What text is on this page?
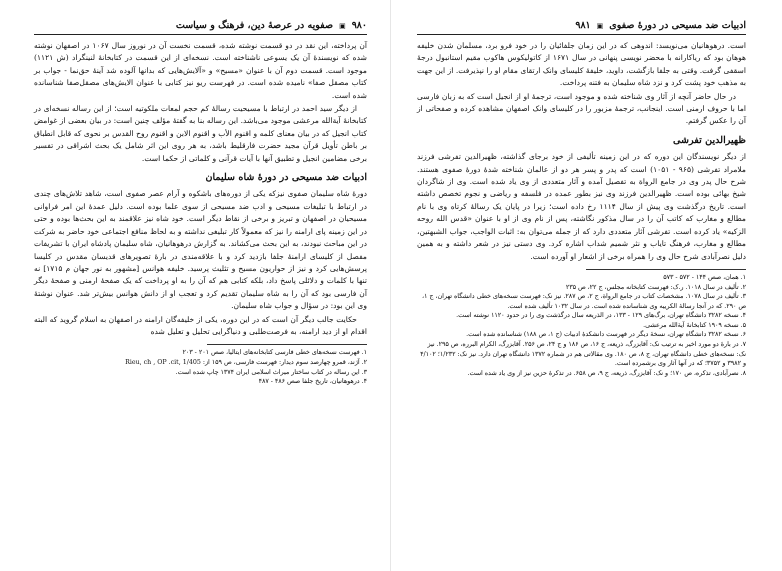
۹۸۰
▣
صفویه در عرصهٔ دین، فرهنگ و سیاست

آن پرداخته، این نقد در دو قسمت نوشته شده، قسمت نخست آن در نوروز سال ۱۰۶۷ در اصفهان نوشته شده که نویسندهٔ آن یک یسوعی ناشناخته است. نسخه‌ای از این قسمت در کتابخانهٔ لنینگراد (ش ۱۱۲۱) موجود است. قسمت دوم آن با عنوان «مسیح» و «آلایش‌هایی که بدانها آلوده شد آینهٔ حق‌نما - جواب بر کتاب مصقل صفا» نامیده شده است. در فهرست ریو نیز کتابی با عنوان الایش‌های مصقل‌صفا شناسانده شده است.

از دیگر سید احمد در ارتباط با مسیحیت رسالهٔ کم حجم لمعات ملکوتیه است؛ از این رساله نسخه‌ای در کتابخانهٔ آیةالله مرعشی موجود می‌باشد. این رساله بنا به گفتهٔ مؤلف چنین است: در بیان بعضی از غوامض کتاب انجیل که در بیان معنای کلمه و اقنوم الأب و اقنوم الابن و اقنوم روح القدس بر نحوی که قابل انطباق بر باطن تأویل قرآن مجید حضرت فارقلیط باشد، به هر روی این اثر شامل یک بحث اشراقی در تفسیر برخی مضامین انجیل و تطبیق آنها با آیات قرآنی و کلماتی از حکما است.

ادبیات ضد مسیحی در دورهٔ شاه سلیمان

دورهٔ شاه سلیمان صفوی نیزکه یکی از دوره‌های باشکوه و آرام عصر صفوی است، شاهد تلاش‌های چندی در ارتباط با تبلیغات مسیحی و ادب ضد مسیحی از سوی علما بوده است. دلیل عمدهٔ این امر فراوانی مسیحیان در اصفهان و تبریز و برخی از نقاط دیگر است. خود شاه نیز علاقمند به این بحث‌ها بوده و حتی در این زمینه پای ارامنه را نیز که معمولاً کار تبلیغی نداشته و به لحاظ منافع اجتماعی خود حاضر به شرکت در این مباحث نبودند، به این بحث می‌کشاند. به گزارش درهوهانیان، شاه سلیمان پادشاه ایران با تشریفات مفصل از کلیسای ارامنهٔ جلفا بازدید کرد و با علاقه‌مندی در بارهٔ تصویرهای قدیسان مقدس در کلیسا پرسش‌هایی کرد و نیز از حواریون مسیح و تثلیث پرسید. خلیفه هوانس [مشهور به نور جهان م ۱۷۱۵] نه تنها با کلمات و دلائلی پاسخ داد، بلکه کتابی هم که آن را به او پرداخت که یک صفحهٔ ارمنی و صفحهٔ دیگر آن فارسی بود که آن را به شاه سلیمان تقدیم کرد و تعجب او از دانش هوانس بیش‌تر شد. عنوان نوشتهٔ وی این بود: در سؤال و جواب شاه سلیمان.

حکایت جالب دیگر آن است که در این دوره، یکی از خلیفه‌گان ارامنه در اصفهان به اسلام گروید که البته اقدام او از دید ارامنه، به فرصت‌طلبی و دنیاگرایی تحلیل و تعلیل شده

۱. فهرست نسخه‌های خطی فارسی کتابخانه‌های ایتالیا، صص ۲۰۱ - ۲۰۳
۲. آژند، قمرو چهارصد سوم دیدار: فهرست فارسی، ص ۱۵۹ از: Rieu, ch , OP .cit, 1/405
۳. این رساله در کتاب ساختار میراث اسلامی ایران ۱۳۷۴ چاپ شده است.
۴. درهوهانیان، تاریخ جلفا صص ۴۸۶ - ۴۸۷
ادبیات ضد مسیحی در دورهٔ صفوی
▣
۹۸۱

است. درهوهانیان می‌نویسد: اندوهی که در این زمان جلفائیان را در خود فرو برد، مسلمان شدن خلیفه هوهان بود که ریاکارانه با محضر نویسی پنهانی در سال ۱۶۷۱ از کاتولیکوس هاکوب مقیم استانبول درجهٔ اسقفی گرفت. وقتی به جلفا بازگشت، داوید، خلیفهٔ کلیسای وانک ارتقای مقام او را نپذیرفت. از این جهت به مذهب خود پشت کرد و نزد شاه سلیمان به فتنه پرداخت.

در حال حاضر آنچه از آثار وی شناخته شده و موجود است، ترجمهٔ او از انجیل است که به زبان فارسی اما با حروف ارمنی است. اینجانب، ترجمهٔ مزبور را در کلیسای وانک اصفهان مشاهده کرده و صفحاتی از آن را عکس گرفتم.

ظهیرالدین تفرشی

از دیگر نویسندگان این دوره که در این زمینه تألیفی از خود برجای گذاشته، ظهیرالدین تفرشی فرزند ملامراد تفرشی (۹۶۵ - ۱۰۵۱) است که پدر و پسر هر دو از عالمان شناخته شدهٔ دورهٔ صفوی هستند. شرح حال پدر وی در جامع الرواة به تفصیل آمده و آثار متعددی از وی یاد شده است. وی از شاگردان شیخ بهائی بوده است. ظهیرالدین فرزند وی نیز بطور عمده در فلسفه و ریاضی و نجوم تخصص داشته است. تاریخ درگذشت وی پیش از سال ۱۱۱۴ رخ داده است؛ زیرا در پایان یک رسالهٔ کرتاه وی با نام مطالع و مغارب که کاتب آن را در سال مذکور نگاشته، پس از نام وی از او با عنوان «قدس الله روحه الزکیه» یاد کرده است. تفرشی آثار متعددی دارد که از جمله می‌توان به: اثبات الواجب، جواب الشبهتین، مطالع و مغارب، فرهنگ تایاب و نثر شمیم شداب اشاره کرد. وی دستی نیز در شعر داشته و به همین دلیل نصرآبادی شرح حال وی را همراه برخی از اشعار او آورده است.

۱. همان، صص ۱۴۴ - ۵۷۲ - ۵۷۳
۲. تألیف در سال ۱۰۱۸. ر.ک: فهرست کتابخانه مجلس، ج ۲۲، ص ۲۳۵
۳. تألیف در سال ۱۰۷۸. مشخصات کتاب در جامع الرواة، ج ۲، ص ۲۸۷. نیز نک: فهرست نسخه‌های خطی دانشگاه تهران، ج ۱، ص ۲۹۰. که در آنجا رسالهٔ الکرییه وی شناسانده شده است. در سال ۱۰۳۲ تألیف شده است.
۴. نسخه ۳۲۸۲ دانشگاه تهران، برگ‌های ۱۲۹ - ۱۳۳، در الذریعه سال درگذشت وی را در حدود ۱۱۲۰ نوشته است.
۵. نسخه ۱۹۰۹ کتابخانهٔ آیةالله مرعشی.
۶. نسخه ۳۲۸۲ دانشگاه تهران، نسخهٔ دیگر در فهرست دانشکدهٔ ادبیات (ج ۱، ص ۱۸۸) شناسانده شده است.
۷. در بارهٔ دو مورد اخیر به ترتیب نک: آقابزرگ، ذریعه، ج ۱۶، ص ۱۸۶ و ج ۲۴، ص ۲۵۶. آقابزرگ، الکرام البرره، ص ۲۹۵. نیز نک: نسخه‌های خطی دانشگاه تهران، ج ۸، ص ۱۸۰. وی مقالاتی هم در شماره ۱۳۷۲ دانشگاه تهران دارد. نیز نک: ۱/۲۳۲؛ ۴/۱۰۲ و ۳۹۸۲ و ۳۷۵۲؛ که در آنها آثار وی برشمرده است.
۸. نصرآبادی، تذکره، ص ۱۷۰؛ و نک: آقابزرگ، ذریعه، ج ۹، ص ۶۵۸. در تذکرهٔ حزین نیز از وی یاد شده است.
